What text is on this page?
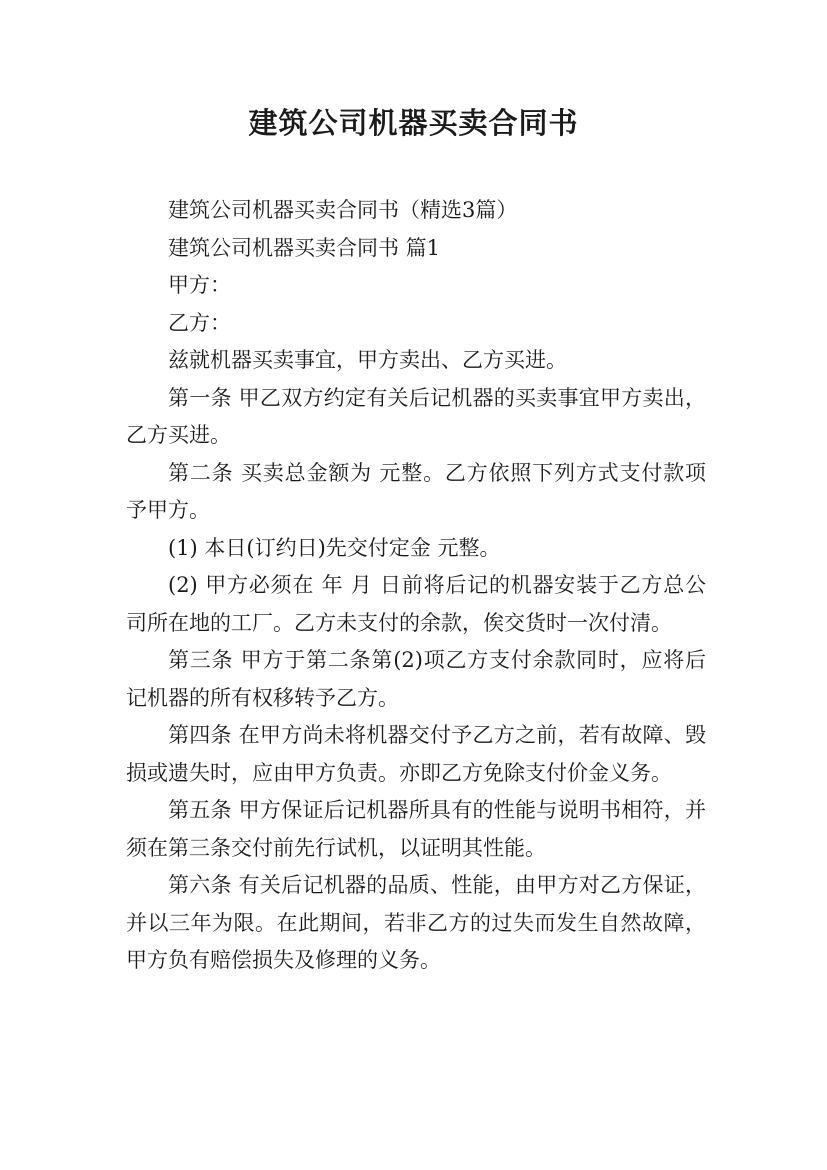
建筑公司机器买卖合同书

建筑公司机器买卖合同书（精选3篇）

建筑公司机器买卖合同书 篇1

甲方：

乙方：

兹就机器买卖事宜，甲方卖出、乙方买进。

第一条 甲乙双方约定有关后记机器的买卖事宜甲方卖出，乙方买进。

第二条 买卖总金额为 元整。乙方依照下列方式支付款项予甲方。

(1) 本日(订约日)先交付定金 元整。

(2) 甲方必须在 年 月 日前将后记的机器安装于乙方总公司所在地的工厂。乙方未支付的余款，俟交货时一次付清。

第三条 甲方于第二条第(2)项乙方支付余款同时，应将后记机器的所有权移转予乙方。

第四条 在甲方尚未将机器交付予乙方之前，若有故障、毁损或遗失时，应由甲方负责。亦即乙方免除支付价金义务。

第五条 甲方保证后记机器所具有的性能与说明书相符，并须在第三条交付前先行试机，以证明其性能。

第六条 有关后记机器的品质、性能，由甲方对乙方保证，并以三年为限。在此期间，若非乙方的过失而发生自然故障，甲方负有赔偿损失及修理的义务。
